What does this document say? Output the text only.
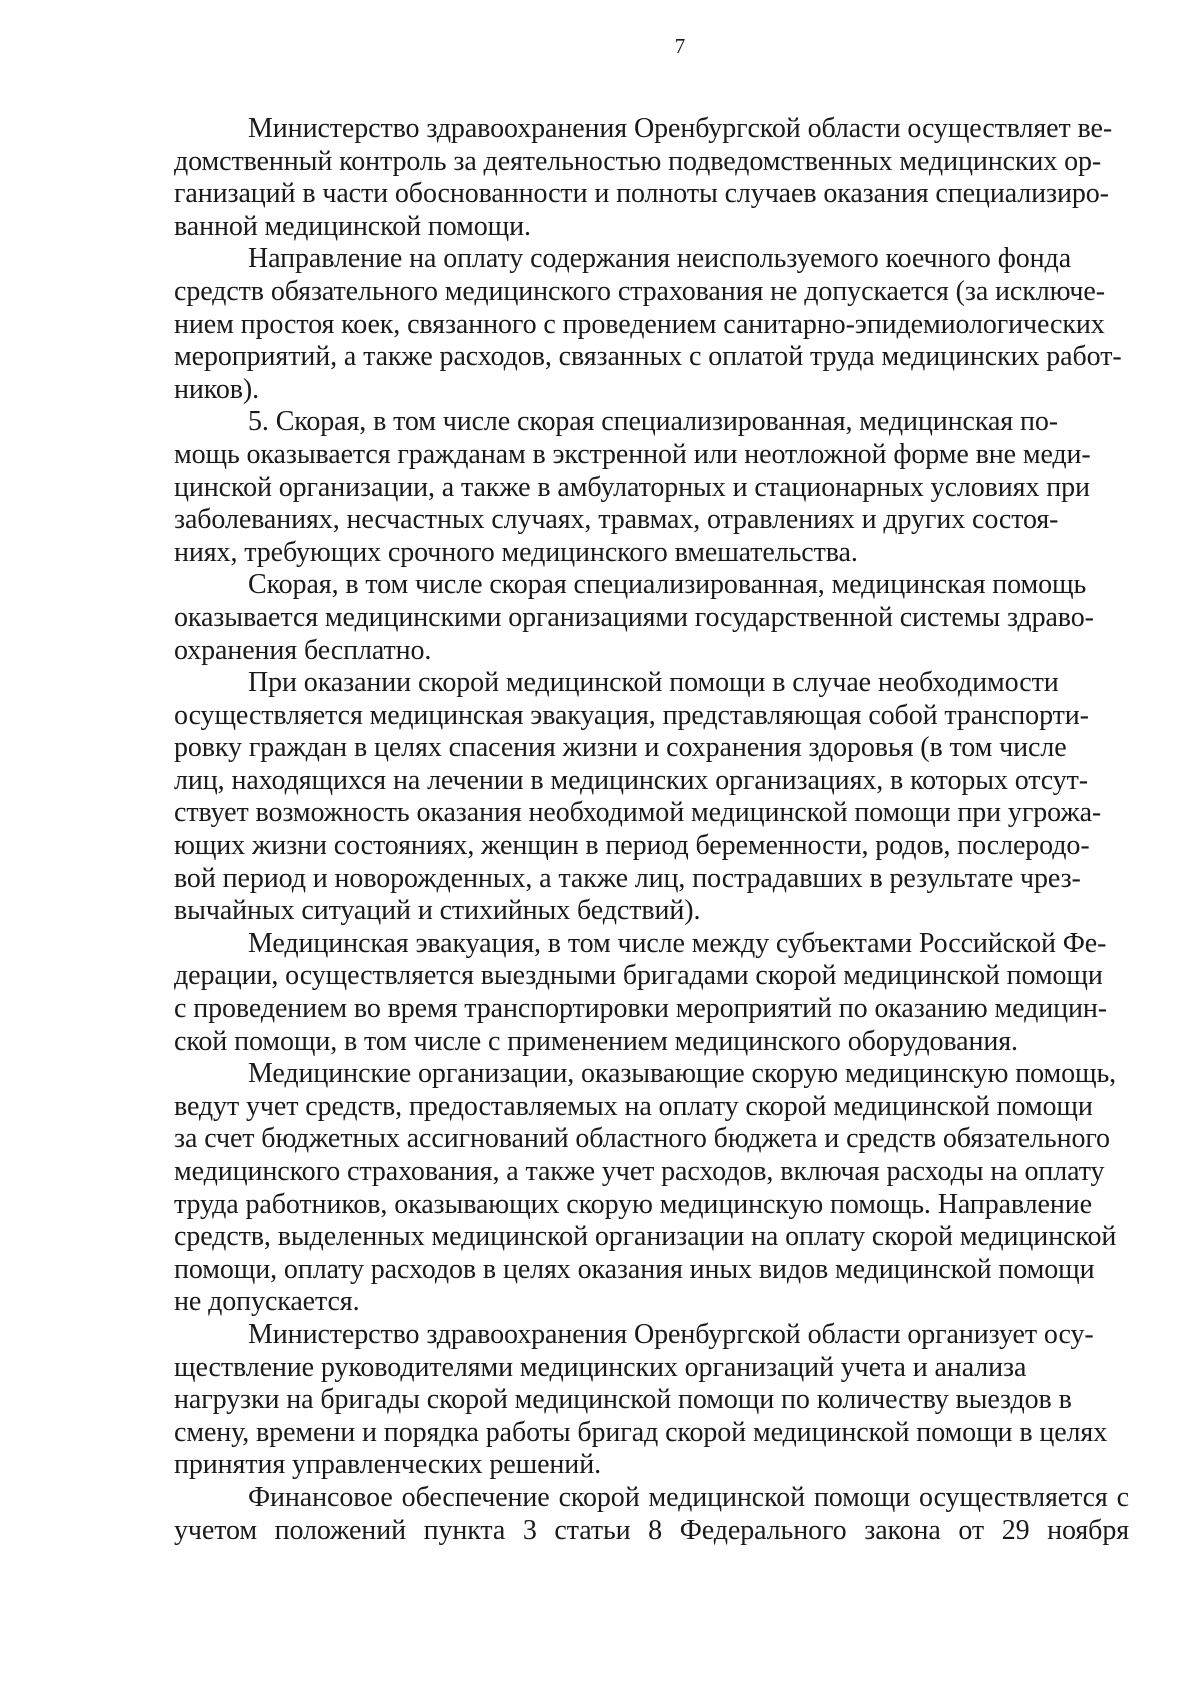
7

Министерство здравоохранения Оренбургской области осуществляет ве-
домственный контроль за деятельностью подведомственных медицинских ор-
ганизаций в части обоснованности и полноты случаев оказания специализиро-
ванной медицинской помощи.

Направление на оплату содержания неиспользуемого коечного фонда
средств обязательного медицинского страхования не допускается (за исключе-
нием простоя коек, связанного с проведением санитарно-эпидемиологических
мероприятий, а также расходов, связанных с оплатой труда медицинских работ-
ников).

5. Скорая, в том числе скорая специализированная, медицинская по-
мощь оказывается гражданам в экстренной или неотложной форме вне меди-
цинской организации, а также в амбулаторных и стационарных условиях при
заболеваниях, несчастных случаях, травмах, отравлениях и других состоя-
ниях, требующих срочного медицинского вмешательства.

Скорая, в том числе скорая специализированная, медицинская помощь
оказывается медицинскими организациями государственной системы здраво-
охранения бесплатно.

При оказании скорой медицинской помощи в случае необходимости
осуществляется медицинская эвакуация, представляющая собой транспорти-
ровку граждан в целях спасения жизни и сохранения здоровья (в том числе
лиц, находящихся на лечении в медицинских организациях, в которых отсут-
ствует возможность оказания необходимой медицинской помощи при угрожа-
ющих жизни состояниях, женщин в период беременности, родов, послеродо-
вой период и новорожденных, а также лиц, пострадавших в результате чрез-
вычайных ситуаций и стихийных бедствий).

Медицинская эвакуация, в том числе между субъектами Российской Фе-
дерации, осуществляется выездными бригадами скорой медицинской помощи
с проведением во время транспортировки мероприятий по оказанию медицин-
ской помощи, в том числе с применением медицинского оборудования.

Медицинские организации, оказывающие скорую медицинскую помощь,
ведут учет средств, предоставляемых на оплату скорой медицинской помощи
за счет бюджетных ассигнований областного бюджета и средств обязательного
медицинского страхования, а также учет расходов, включая расходы на оплату
труда работников, оказывающих скорую медицинскую помощь. Направление
средств, выделенных медицинской организации на оплату скорой медицинской
помощи, оплату расходов в целях оказания иных видов медицинской помощи
не допускается.

Министерство здравоохранения Оренбургской области организует осу-
ществление руководителями медицинских организаций учета и анализа
нагрузки на бригады скорой медицинской помощи по количеству выездов в
смену, времени и порядка работы бригад скорой медицинской помощи в целях
принятия управленческих решений.

Финансовое обеспечение скорой медицинской помощи осуществляется с
учетом положений пункта 3 статьи 8 Федерального закона от 29 ноября
